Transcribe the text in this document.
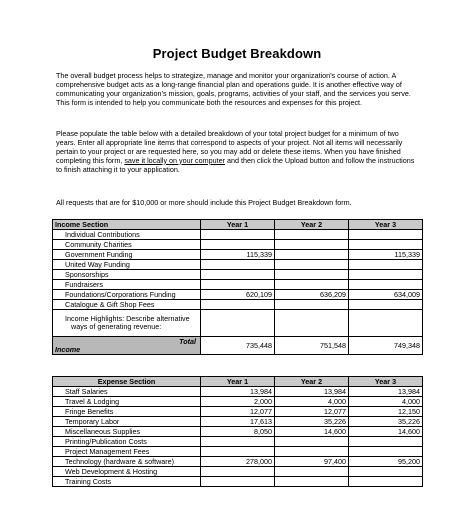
Project Budget Breakdown
The overall budget process helps to strategize, manage and monitor your organization’s course of action. A comprehensive budget acts as a long-range financial plan and operations guide. It is another effective way of communicating your organization’s mission, goals, programs, activities of your staff, and the services you serve. This form is intended to help you communicate both the resources and expenses for this project.
Please populate the table below with a detailed breakdown of your total project budget for a minimum of two years. Enter all appropriate line items that correspond to aspects of your project. Not all items will necessarily pertain to your project or are requested here, so you may add or delete these items. When you have finished completing this form, save it locally on your computer and then click the Upload button and follow the instructions to finish attaching it to your application.
All requests that are for $10,000 or more should include this Project Budget Breakdown form.
Income Section	Year 1	Year 2	Year 3
Individual Contributions			
Community Charities			
Government Funding	115,339		115,339
United Way Funding			
Sponsorships			
Fundraisers			
Foundations/Corporations Funding	620,109	636,209	634,009
Catalogue & Gift Shop Fees			
Income Highlights: Describe alternative
ways of generating revenue:			

Total
Income	735,448	751,548	749,348
Expense Section	Year 1	Year 2	Year 3
Staff Salaries	13,984	13,984	13,984
Travel & Lodging	2,000	4,000	4,000
Fringe Benefits	12,077	12,077	12,150
Temporary Labor	17,613	35,226	35,226
Miscellaneous Supplies	8,050	14,600	14,600
Printing/Publication Costs			
Project Management Fees			
Technology (hardware & software)	278,000	97,400	95,200
Web Development & Hosting			
Training Costs			
